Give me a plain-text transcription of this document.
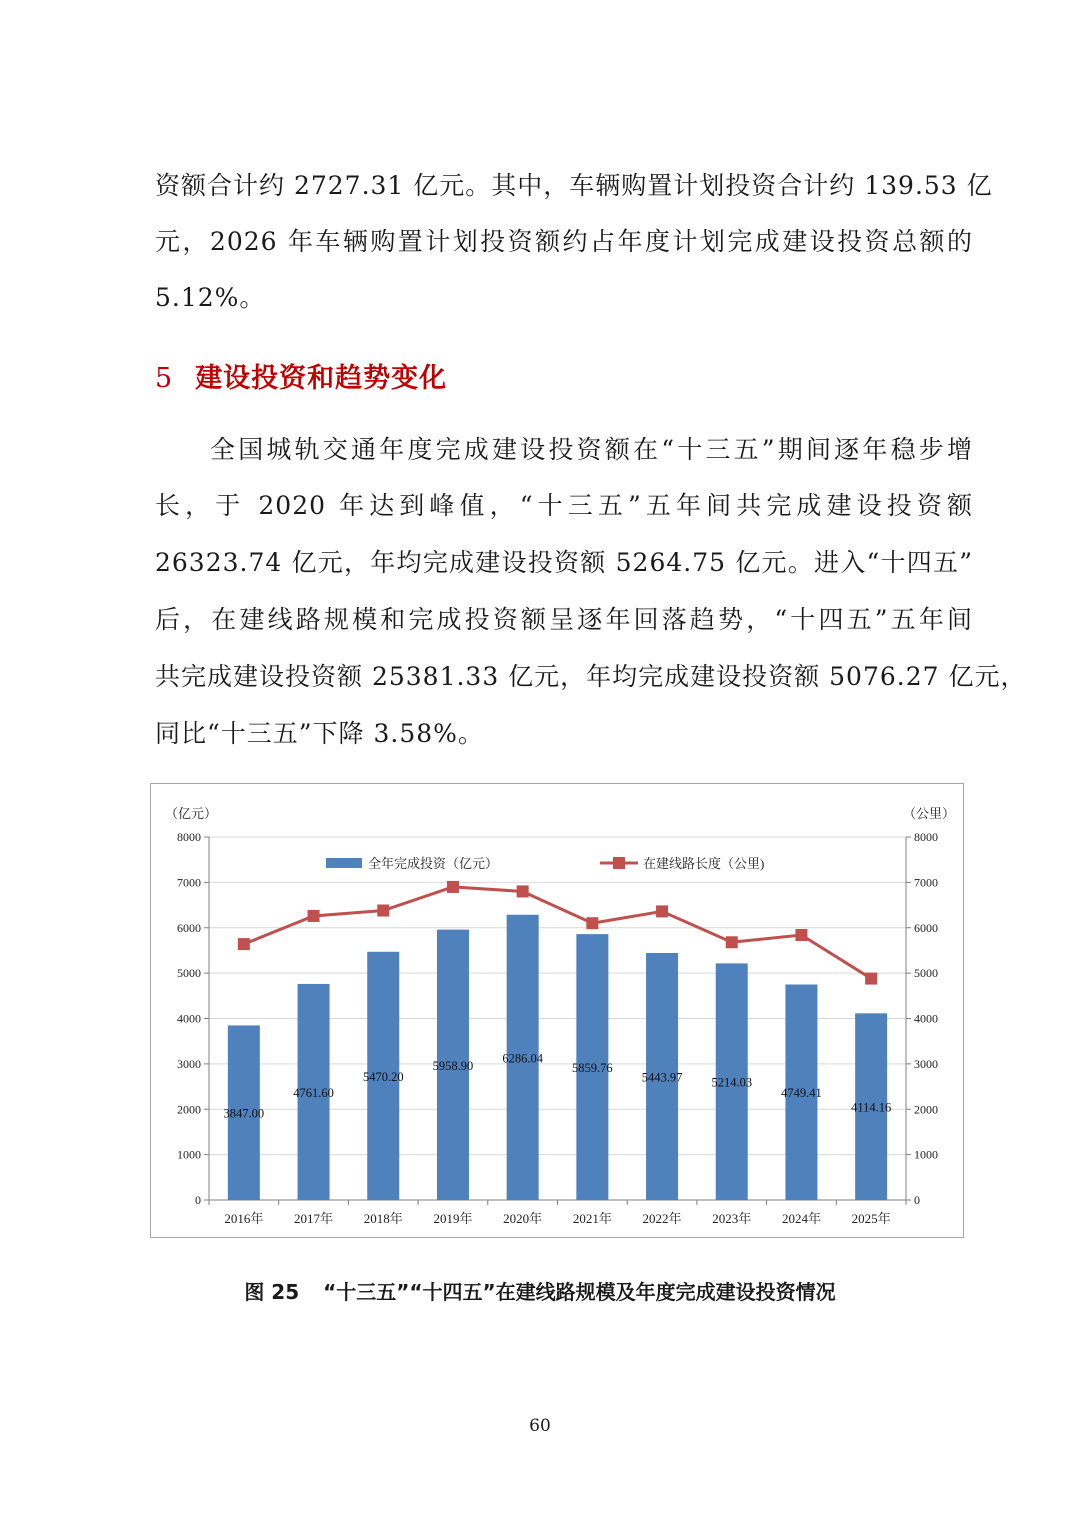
资额合计约 2727.31 亿元。其中，车辆购置计划投资合计约 139.53 亿
元，2026 年车辆购置计划投资额约占年度计划完成建设投资总额的
5.12%。
5 建设投资和趋势变化
全国城轨交通年度完成建设投资额在“十三五”期间逐年稳步增
长，于 2020 年达到峰值，“十三五”五年间共完成建设投资额
26323.74 亿元，年均完成建设投资额 5264.75 亿元。进入“十四五”
后，在建线路规模和完成投资额呈逐年回落趋势，“十四五”五年间
共完成建设投资额 25381.33 亿元，年均完成建设投资额 5076.27 亿元，
同比“十三五”下降 3.58%。
0
1000
2000
3000
4000
5000
6000
7000
8000
0
1000
2000
3000
4000
5000
6000
7000
8000
（亿元）	（公里）
2016年 2017年 2018年 2019年 2020年 2021年 2022年 2023年 2024年 2025年
3847.00
4761.60
5470.20
5958.90
6286.04
5859.76
5443.97 5214.03
4749.41
4114.16
全年完成投资（亿元）	在建线路长度（公里)

图 25 “十三五”“十四五”在建线路规模及年度完成建设投资情况

60
